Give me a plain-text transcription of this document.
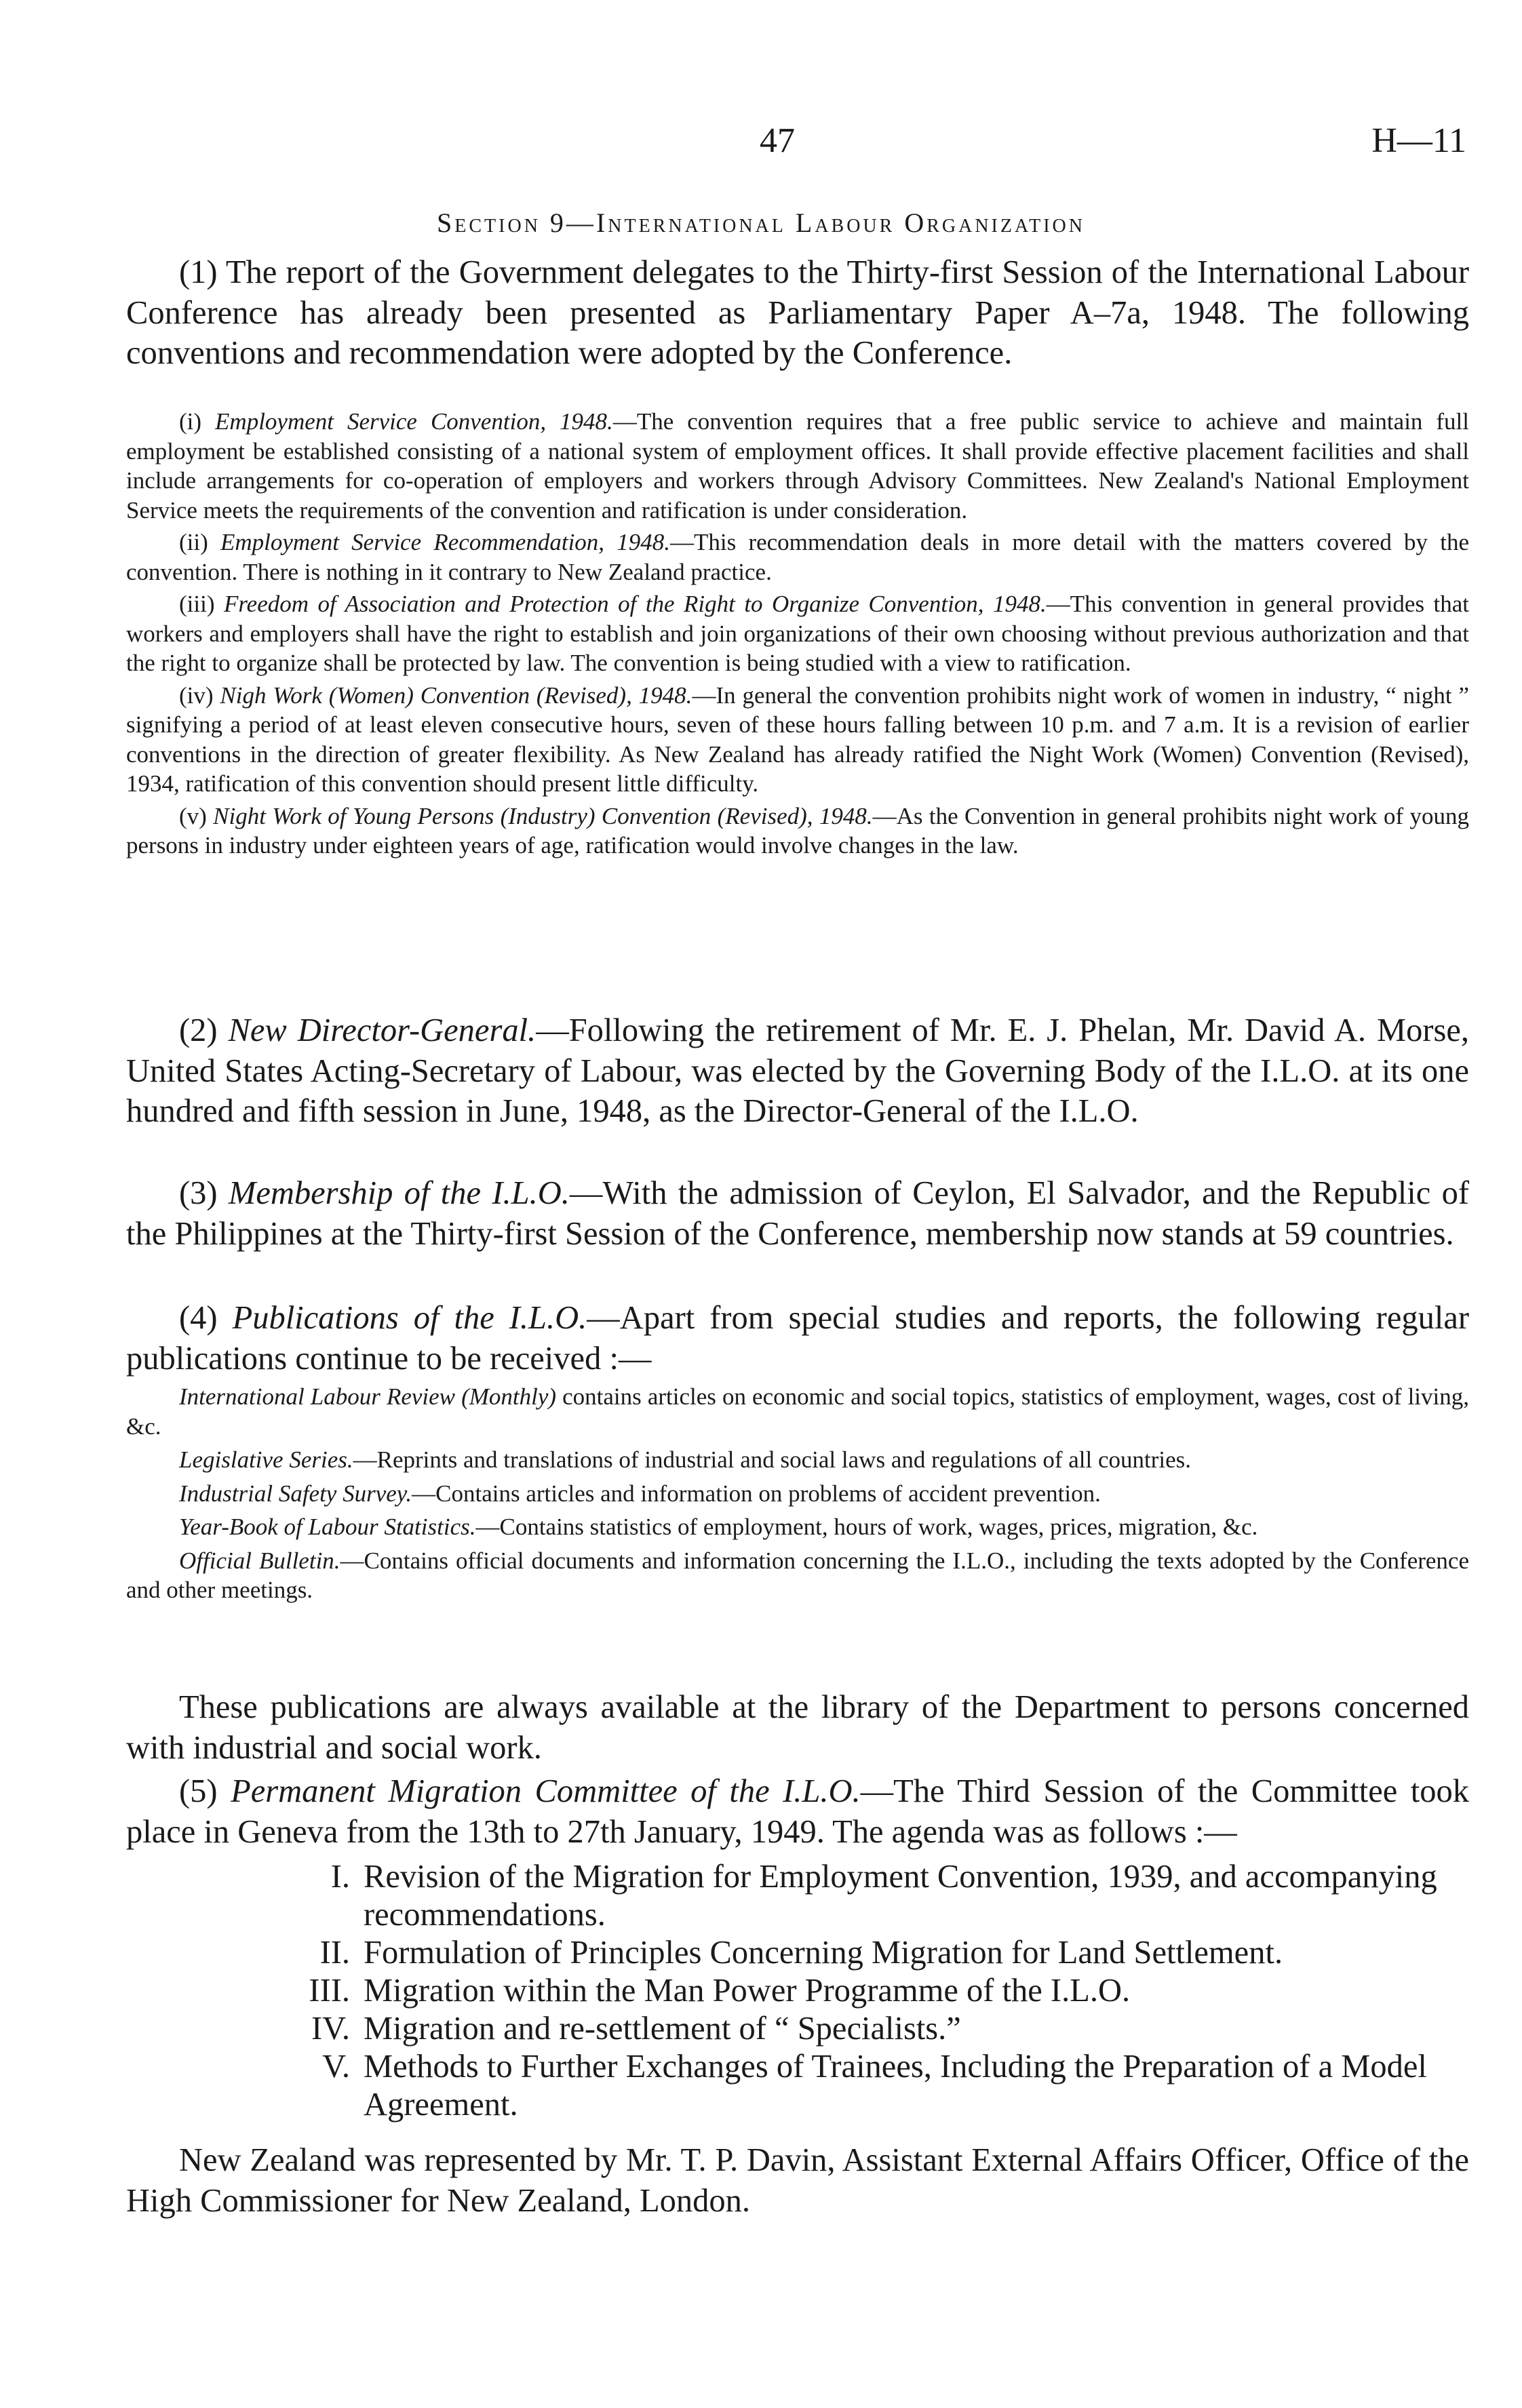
47	H—11
Section 9—International Labour Organization

(1) The report of the Government delegates to the Thirty-first Session of the International Labour Conference has already been presented as Parliamentary Paper A–7a, 1948. The following conventions and recommendation were adopted by the Conference.

(i) Employment Service Convention, 1948.—The convention requires that a free public service to achieve and maintain full employment be established consisting of a national system of employment offices. It shall provide effective placement facilities and shall include arrangements for co-operation of employers and workers through Advisory Committees. New Zealand's National Employment Service meets the requirements of the convention and ratification is under consideration.

(ii) Employment Service Recommendation, 1948.—This recommendation deals in more detail with the matters covered by the convention. There is nothing in it contrary to New Zealand practice.

(iii) Freedom of Association and Protection of the Right to Organize Convention, 1948.—This convention in general provides that workers and employers shall have the right to establish and join organizations of their own choosing without previous authorization and that the right to organize shall be protected by law. The convention is being studied with a view to ratification.

(iv) Nigh Work (Women) Convention (Revised), 1948.—In general the convention prohibits night work of women in industry, “ night ” signifying a period of at least eleven consecutive hours, seven of these hours falling between 10 p.m. and 7 a.m. It is a revision of earlier conventions in the direction of greater flexibility. As New Zealand has already ratified the Night Work (Women) Convention (Revised), 1934, ratification of this convention should present little difficulty.

(v) Night Work of Young Persons (Industry) Convention (Revised), 1948.—As the Convention in general prohibits night work of young persons in industry under eighteen years of age, ratification would involve changes in the law.

(2) New Director-General.—Following the retirement of Mr. E. J. Phelan, Mr. David A. Morse, United States Acting-Secretary of Labour, was elected by the Governing Body of the I.L.O. at its one hundred and fifth session in June, 1948, as the Director-General of the I.L.O.

(3) Membership of the I.L.O.—With the admission of Ceylon, El Salvador, and the Republic of the Philippines at the Thirty-first Session of the Conference, membership now stands at 59 countries.

(4) Publications of the I.L.O.—Apart from special studies and reports, the following regular publications continue to be received :—

International Labour Review (Monthly) contains articles on economic and social topics, statistics of employment, wages, cost of living, &c.

Legislative Series.—Reprints and translations of industrial and social laws and regulations of all countries.

Industrial Safety Survey.—Contains articles and information on problems of accident prevention.

Year-Book of Labour Statistics.—Contains statistics of employment, hours of work, wages, prices, migration, &c.

Official Bulletin.—Contains official documents and information concerning the I.L.O., including the texts adopted by the Conference and other meetings.

These publications are always available at the library of the Department to persons concerned with industrial and social work.

(5) Permanent Migration Committee of the I.L.O.—The Third Session of the Committee took place in Geneva from the 13th to 27th January, 1949. The agenda was as follows :—

I. Revision of the Migration for Employment Convention, 1939, and accompanying recommendations.
II. Formulation of Principles Concerning Migration for Land Settlement.
III. Migration within the Man Power Programme of the I.L.O.
IV. Migration and re-settlement of “ Specialists.”
V. Methods to Further Exchanges of Trainees, Including the Preparation of a Model Agreement.

New Zealand was represented by Mr. T. P. Davin, Assistant External Affairs Officer, Office of the High Commissioner for New Zealand, London.
